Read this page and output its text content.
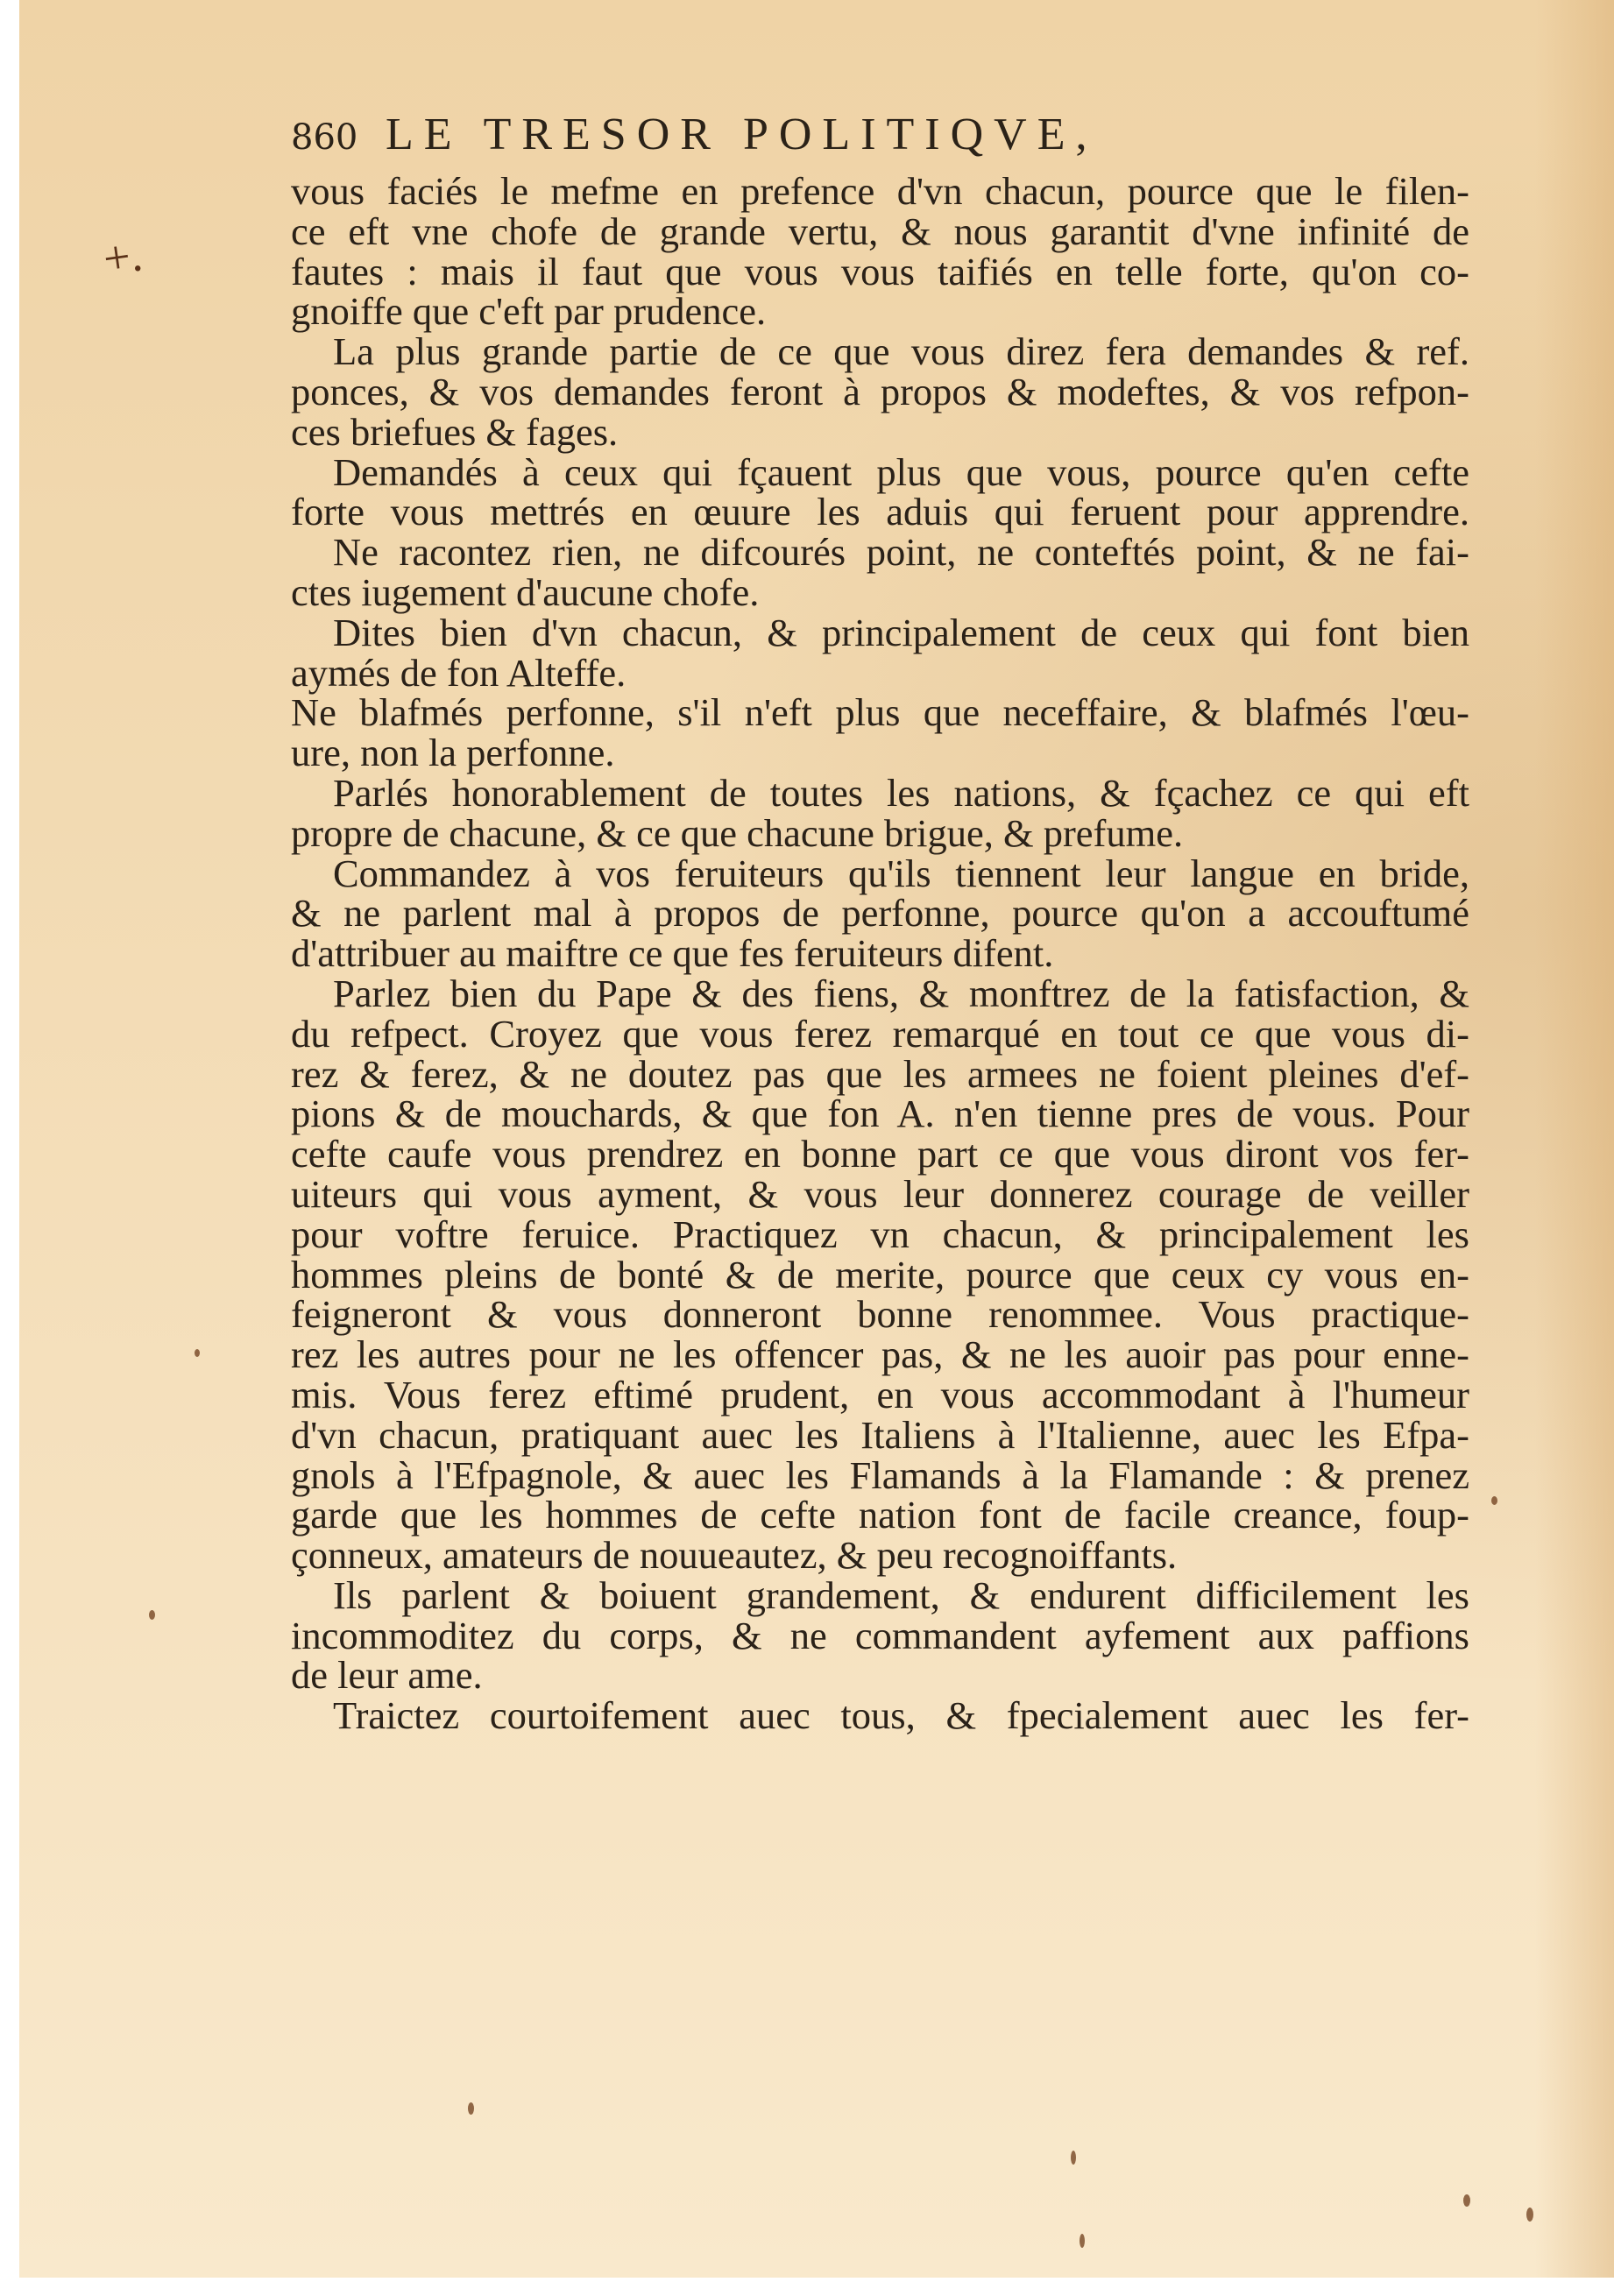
860 LE TRESOR POLITIQVE,
+.
vous faciés le mefme en prefence d'vn chacun, pource que le filen-
ce eft vne chofe de grande vertu, & nous garantit d'vne infinité de
fautes : mais il faut que vous vous taifiés en telle forte, qu'on co-
gnoiffe que c'eft par prudence.
La plus grande partie de ce que vous direz fera demandes & ref.
ponces, & vos demandes feront à propos & modeftes, & vos refpon-
ces briefues & fages.
Demandés à ceux qui fçauent plus que vous, pource qu'en cefte
forte vous mettrés en œuure les aduis qui feruent pour apprendre.
Ne racontez rien, ne difcourés point, ne conteftés point, & ne fai-
ctes iugement d'aucune chofe.
Dites bien d'vn chacun, & principalement de ceux qui font bien
aymés de fon Alteffe.
Ne blafmés perfonne, s'il n'eft plus que neceffaire, & blafmés l'œu-
ure, non la perfonne.
Parlés honorablement de toutes les nations, & fçachez ce qui eft
propre de chacune, & ce que chacune brigue, & prefume.
Commandez à vos feruiteurs qu'ils tiennent leur langue en bride,
& ne parlent mal à propos de perfonne, pource qu'on a accouftumé
d'attribuer au maiftre ce que fes feruiteurs difent.
Parlez bien du Pape & des fiens, & monftrez de la fatisfaction, &
du refpect. Croyez que vous ferez remarqué en tout ce que vous di-
rez & ferez, & ne doutez pas que les armees ne foient pleines d'ef-
pions & de mouchards, & que fon A. n'en tienne pres de vous. Pour
cefte caufe vous prendrez en bonne part ce que vous diront vos fer-
uiteurs qui vous ayment, & vous leur donnerez courage de veiller
pour voftre feruice. Practiquez vn chacun, & principalement les
hommes pleins de bonté & de merite, pource que ceux cy vous en-
feigneront & vous donneront bonne renommee. Vous practique-
rez les autres pour ne les offencer pas, & ne les auoir pas pour enne-
mis. Vous ferez eftimé prudent, en vous accommodant à l'humeur
d'vn chacun, pratiquant auec les Italiens à l'Italienne, auec les Efpa-
gnols à l'Efpagnole, & auec les Flamands à la Flamande : & prenez
garde que les hommes de cefte nation font de facile creance, foup-
çonneux, amateurs de nouueautez, & peu recognoiffants.
Ils parlent & boiuent grandement, & endurent difficilement les
incommoditez du corps, & ne commandent ayfement aux paffions
de leur ame.
Traictez courtoifement auec tous, & fpecialement auec les fer-
